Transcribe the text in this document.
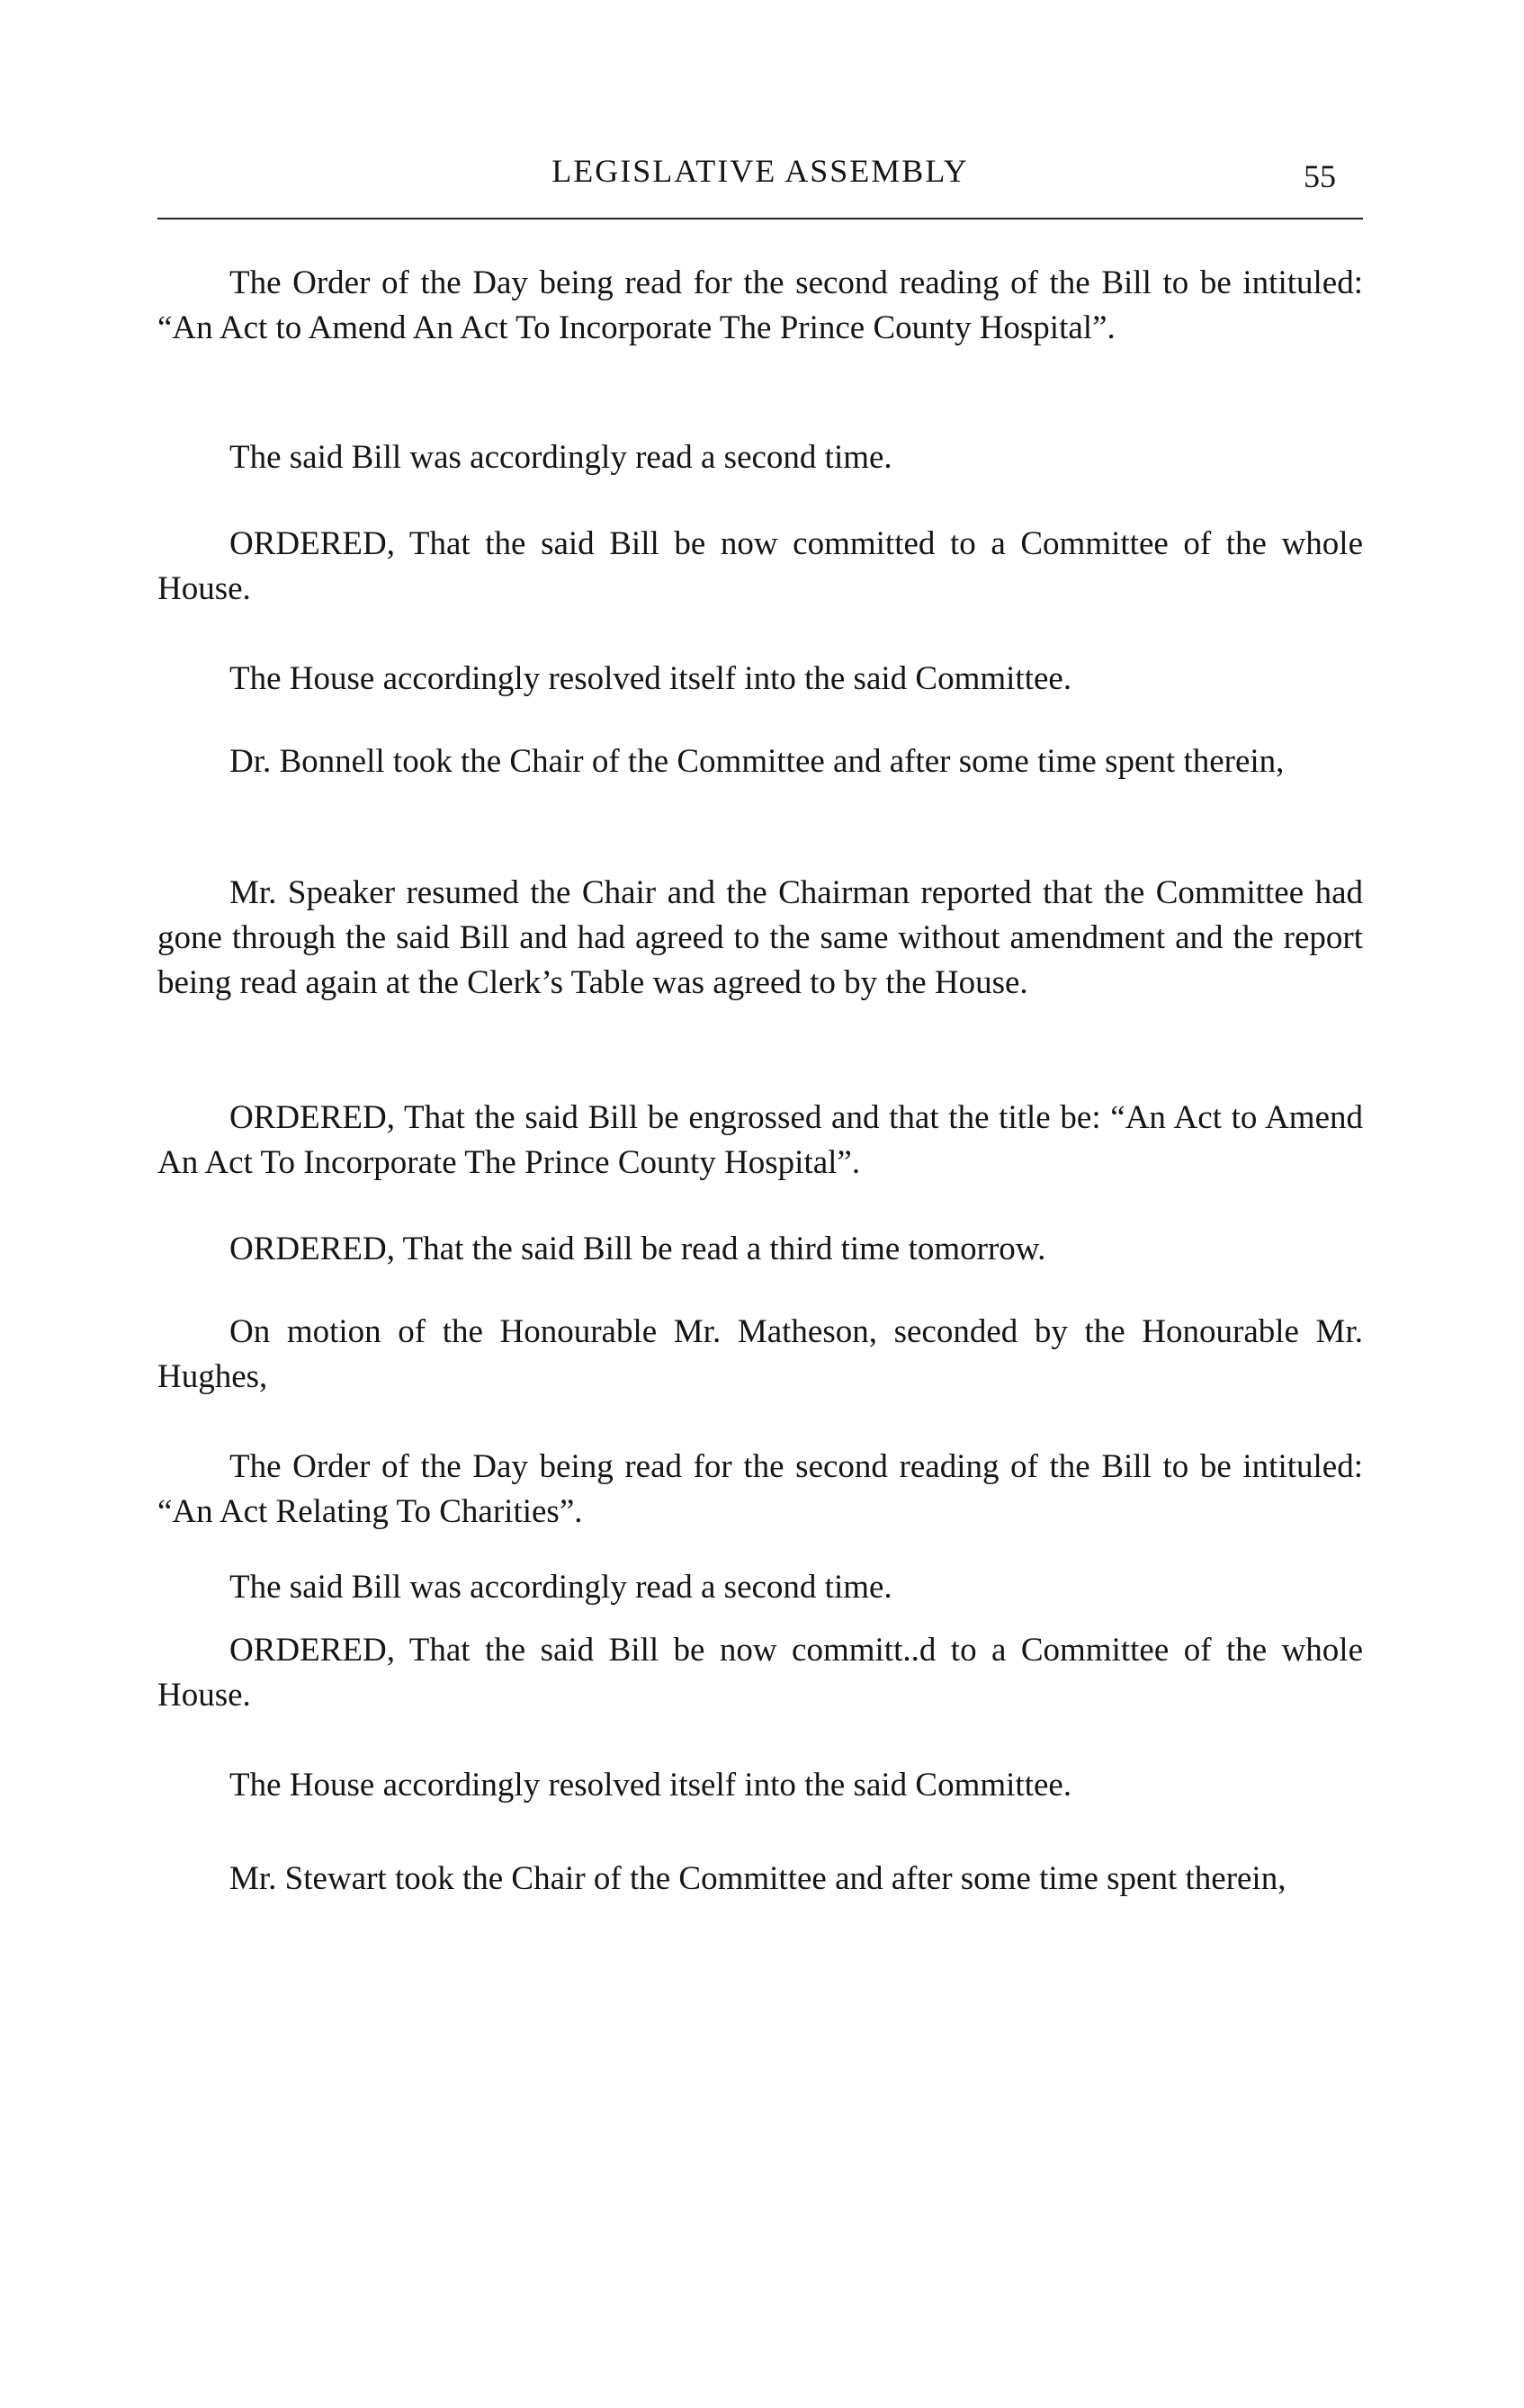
LEGISLATIVE ASSEMBLY	55

The Order of the Day being read for the second reading of the Bill to be intituled: “An Act to Amend An Act To Incorporate The Prince County Hospital”.

The said Bill was accordingly read a second time.

ORDERED, That the said Bill be now committed to a Committee of the whole House.

The House accordingly resolved itself into the said Committee.

Dr. Bonnell took the Chair of the Committee and after some time spent therein,

Mr. Speaker resumed the Chair and the Chairman reported that the Committee had gone through the said Bill and had agreed to the same without amendment and the report being read again at the Clerk’s Table was agreed to by the House.

ORDERED, That the said Bill be engrossed and that the title be: “An Act to Amend An Act To Incorporate The Prince County Hospital”.

ORDERED, That the said Bill be read a third time tomorrow.

On motion of the Honourable Mr. Matheson, seconded by the Honourable Mr. Hughes,

The Order of the Day being read for the second reading of the Bill to be intituled: “An Act Relating To Charities”.

The said Bill was accordingly read a second time.

ORDERED, That the said Bill be now committ..d to a Committee of the whole House.

The House accordingly resolved itself into the said Committee.

Mr. Stewart took the Chair of the Committee and after some time spent therein,
